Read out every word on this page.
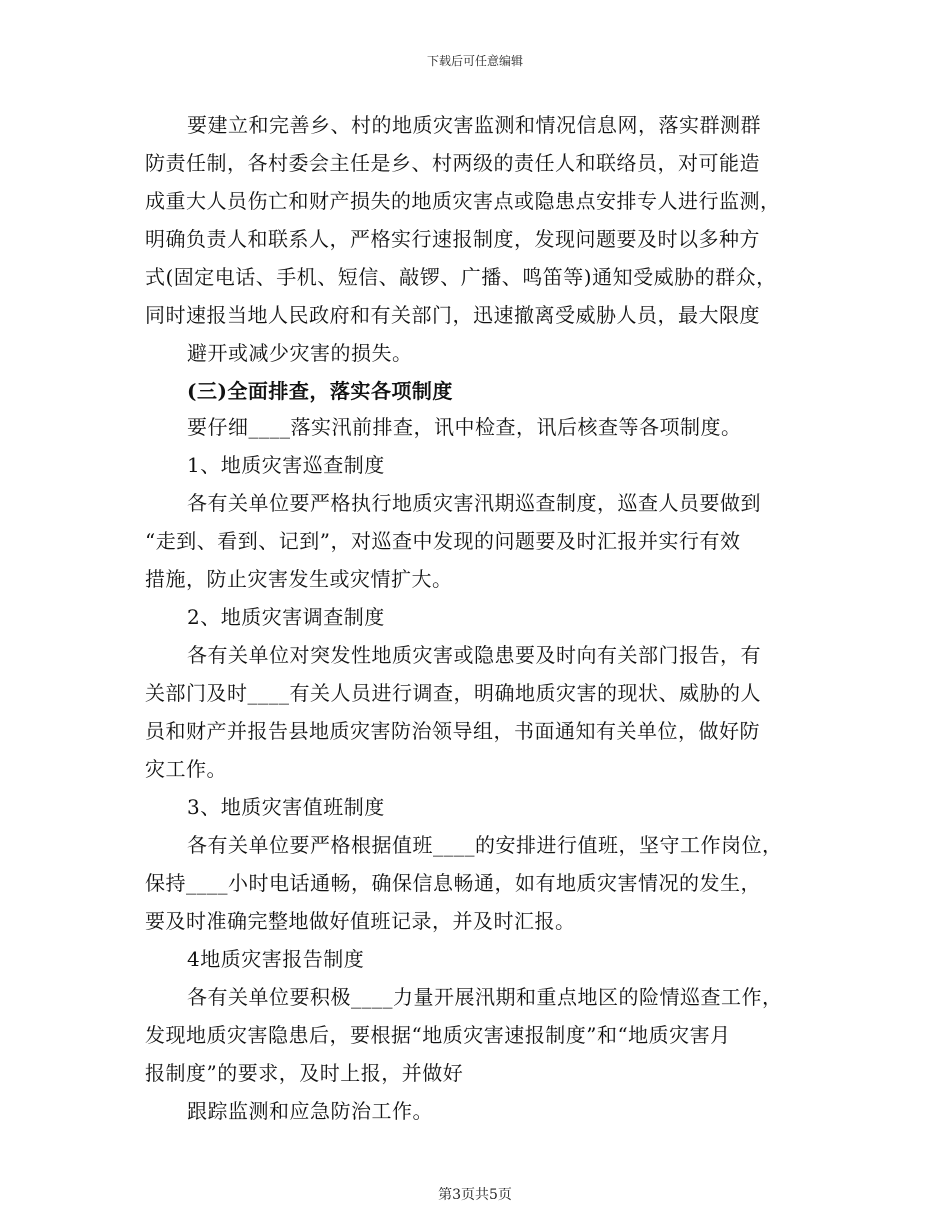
下载后可任意编辑
要建立和完善乡、村的地质灾害监测和情况信息网，落实群测群
防责任制，各村委会主任是乡、村两级的责任人和联络员，对可能造
成重大人员伤亡和财产损失的地质灾害点或隐患点安排专人进行监测，
明确负责人和联系人，严格实行速报制度，发现问题要及时以多种方
式(固定电话、手机、短信、敲锣、广播、鸣笛等)通知受威胁的群众，
同时速报当地人民政府和有关部门，迅速撤离受威胁人员，最大限度
避开或减少灾害的损失。
(三)全面排查，落实各项制度
要仔细____落实汛前排查，讯中检查，讯后核查等各项制度。
1、地质灾害巡查制度
各有关单位要严格执行地质灾害汛期巡查制度，巡查人员要做到
“走到、看到、记到”，对巡查中发现的问题要及时汇报并实行有效
措施，防止灾害发生或灾情扩大。
2、地质灾害调查制度
各有关单位对突发性地质灾害或隐患要及时向有关部门报告，有
关部门及时____有关人员进行调查，明确地质灾害的现状、威胁的人
员和财产并报告县地质灾害防治领导组，书面通知有关单位，做好防
灾工作。
3、地质灾害值班制度
各有关单位要严格根据值班____的安排进行值班，坚守工作岗位，
保持____小时电话通畅，确保信息畅通，如有地质灾害情况的发生，
要及时准确完整地做好值班记录，并及时汇报。
4地质灾害报告制度
各有关单位要积极____力量开展汛期和重点地区的险情巡查工作，
发现地质灾害隐患后，要根据“地质灾害速报制度”和“地质灾害月
报制度”的要求，及时上报，并做好
跟踪监测和应急防治工作。
第3页共5页
